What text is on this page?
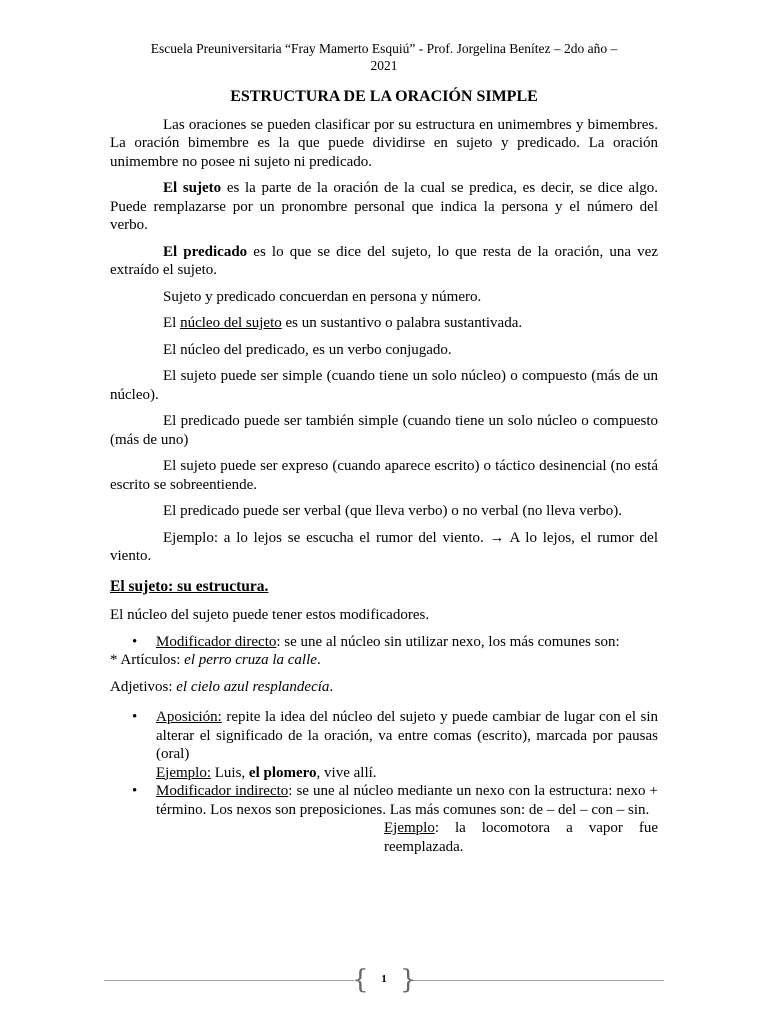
Escuela Preuniversitaria “Fray Mamerto Esquiú” - Prof. Jorgelina Benítez – 2do año –
2021
ESTRUCTURA DE LA ORACIÓN SIMPLE

Las oraciones se pueden clasificar por su estructura en unimembres y bimembres. La oración bimembre es la que puede dividirse en sujeto y predicado. La oración unimembre no posee ni sujeto ni predicado.

El sujeto es la parte de la oración de la cual se predica, es decir, se dice algo. Puede remplazarse por un pronombre personal que indica la persona y el número del verbo.

El predicado es lo que se dice del sujeto, lo que resta de la oración, una vez extraído el sujeto.

Sujeto y predicado concuerdan en persona y número.

El núcleo del sujeto es un sustantivo o palabra sustantivada.

El núcleo del predicado, es un verbo conjugado.

El sujeto puede ser simple (cuando tiene un solo núcleo) o compuesto (más de un núcleo).

El predicado puede ser también simple (cuando tiene un solo núcleo o compuesto (más de uno)

El sujeto puede ser expreso (cuando aparece escrito) o táctico desinencial (no está escrito se sobreentiende.

El predicado puede ser verbal (que lleva verbo) o no verbal (no lleva verbo).

Ejemplo: a lo lejos se escucha el rumor del viento. → A lo lejos, el rumor del viento.

El sujeto: su estructura.

El núcleo del sujeto puede tener estos modificadores.

• Modificador directo: se une al núcleo sin utilizar nexo, los más comunes son:

* Artículos: el perro cruza la calle.

Adjetivos: el cielo azul resplandecía.

• Aposición: repite la idea del núcleo del sujeto y puede cambiar de lugar con el sin alterar el significado de la oración, va entre comas (escrito), marcada por pausas (oral)
Ejemplo: Luis, el plomero, vive allí.
• Modificador indirecto: se une al núcleo mediante un nexo con la estructura: nexo + término. Los nexos son preposiciones. Las más comunes son: de – del – con – sin.
Ejemplo: la locomotora a vapor fue reemplazada.
{	1 }
